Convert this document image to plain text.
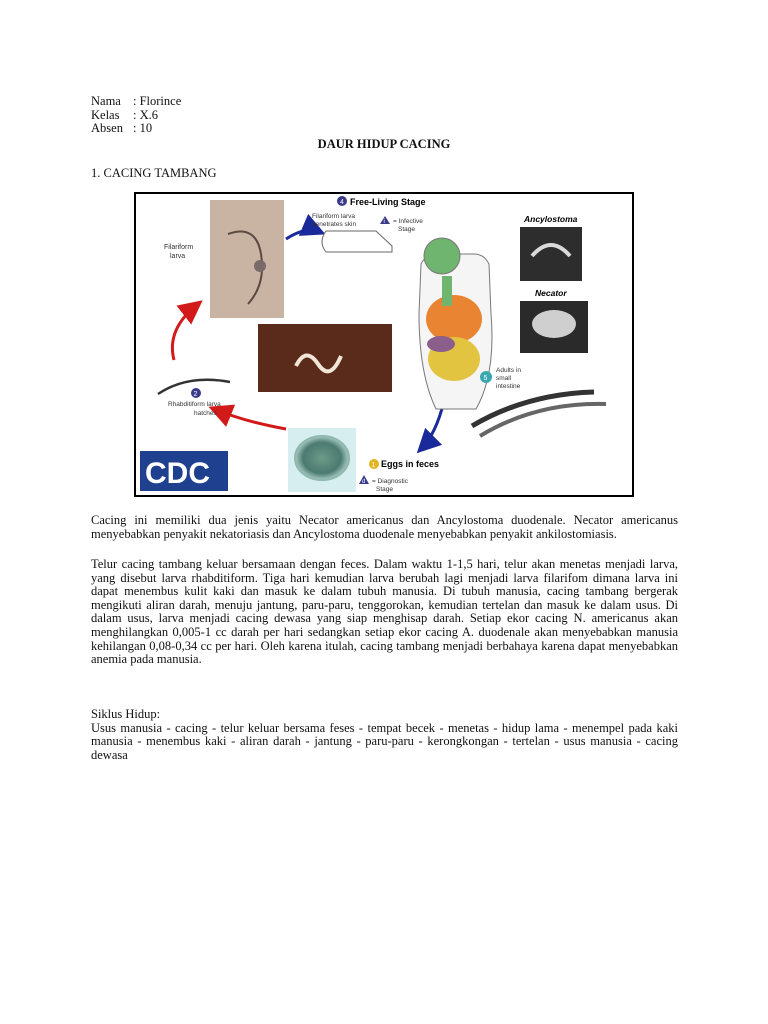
Nama : Florince
Kelas	: X.6
Absen : 10
DAUR HIDUP CACING
1. CACING TAMBANG
Filariform
larva
4 Free-Living Stage
Filariform larva
penetrates skin	i = Infective
Stage
5
Adults in
small
intestine
Ancylostoma
Necator
2
Rhabditiform larva
hatches
CDC	1 Eggs in feces
d = Diagnostic
Stage
Cacing ini memiliki dua jenis yaitu Necator americanus dan Ancylostoma duodenale. Necator americanus menyebabkan penyakit nekatoriasis dan Ancylostoma duodenale menyebabkan penyakit ankilostomiasis.
Telur cacing tambang keluar bersamaan dengan feces. Dalam waktu 1-1,5 hari, telur akan menetas menjadi larva, yang disebut larva rhabditiform. Tiga hari kemudian larva berubah lagi menjadi larva filarifom dimana larva ini dapat menembus kulit kaki dan masuk ke dalam tubuh manusia. Di tubuh manusia, cacing tambang bergerak mengikuti aliran darah, menuju jantung, paru-paru, tenggorokan, kemudian tertelan dan masuk ke dalam usus. Di dalam usus, larva menjadi cacing dewasa yang siap menghisap darah. Setiap ekor cacing N. americanus akan menghilangkan 0,005-1 cc darah per hari sedangkan setiap ekor cacing A. duodenale akan menyebabkan manusia kehilangan 0,08-0,34 cc per hari. Oleh karena itulah, cacing tambang menjadi berbahaya karena dapat menyebabkan anemia pada manusia.
Siklus Hidup:
Usus manusia - cacing - telur keluar bersama feses - tempat becek - menetas - hidup lama - menempel pada kaki manusia - menembus kaki - aliran darah - jantung - paru-paru - kerongkongan - tertelan - usus manusia - cacing dewasa
